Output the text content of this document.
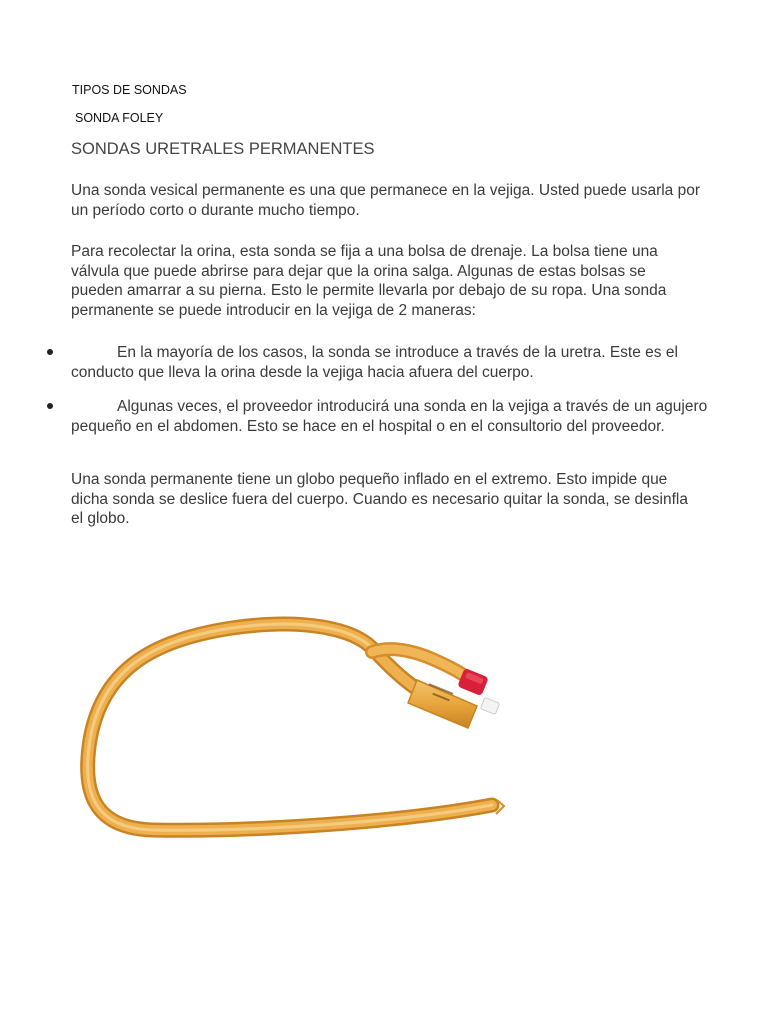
TIPOS DE SONDAS
SONDA FOLEY
SONDAS URETRALES PERMANENTES
Una sonda vesical permanente es una que permanece en la vejiga. Usted puede usarla por un período corto o durante mucho tiempo.
Para recolectar la orina, esta sonda se fija a una bolsa de drenaje. La bolsa tiene una válvula que puede abrirse para dejar que la orina salga. Algunas de estas bolsas se pueden amarrar a su pierna. Esto le permite llevarla por debajo de su ropa. Una sonda permanente se puede introducir en la vejiga de 2 maneras:
En la mayoría de los casos, la sonda se introduce a través de la uretra. Este es el conducto que lleva la orina desde la vejiga hacia afuera del cuerpo.
Algunas veces, el proveedor introducirá una sonda en la vejiga a través de un agujero pequeño en el abdomen. Esto se hace en el hospital o en el consultorio del proveedor.
Una sonda permanente tiene un globo pequeño inflado en el extremo. Esto impide que dicha sonda se deslice fuera del cuerpo. Cuando es necesario quitar la sonda, se desinfla el globo.
